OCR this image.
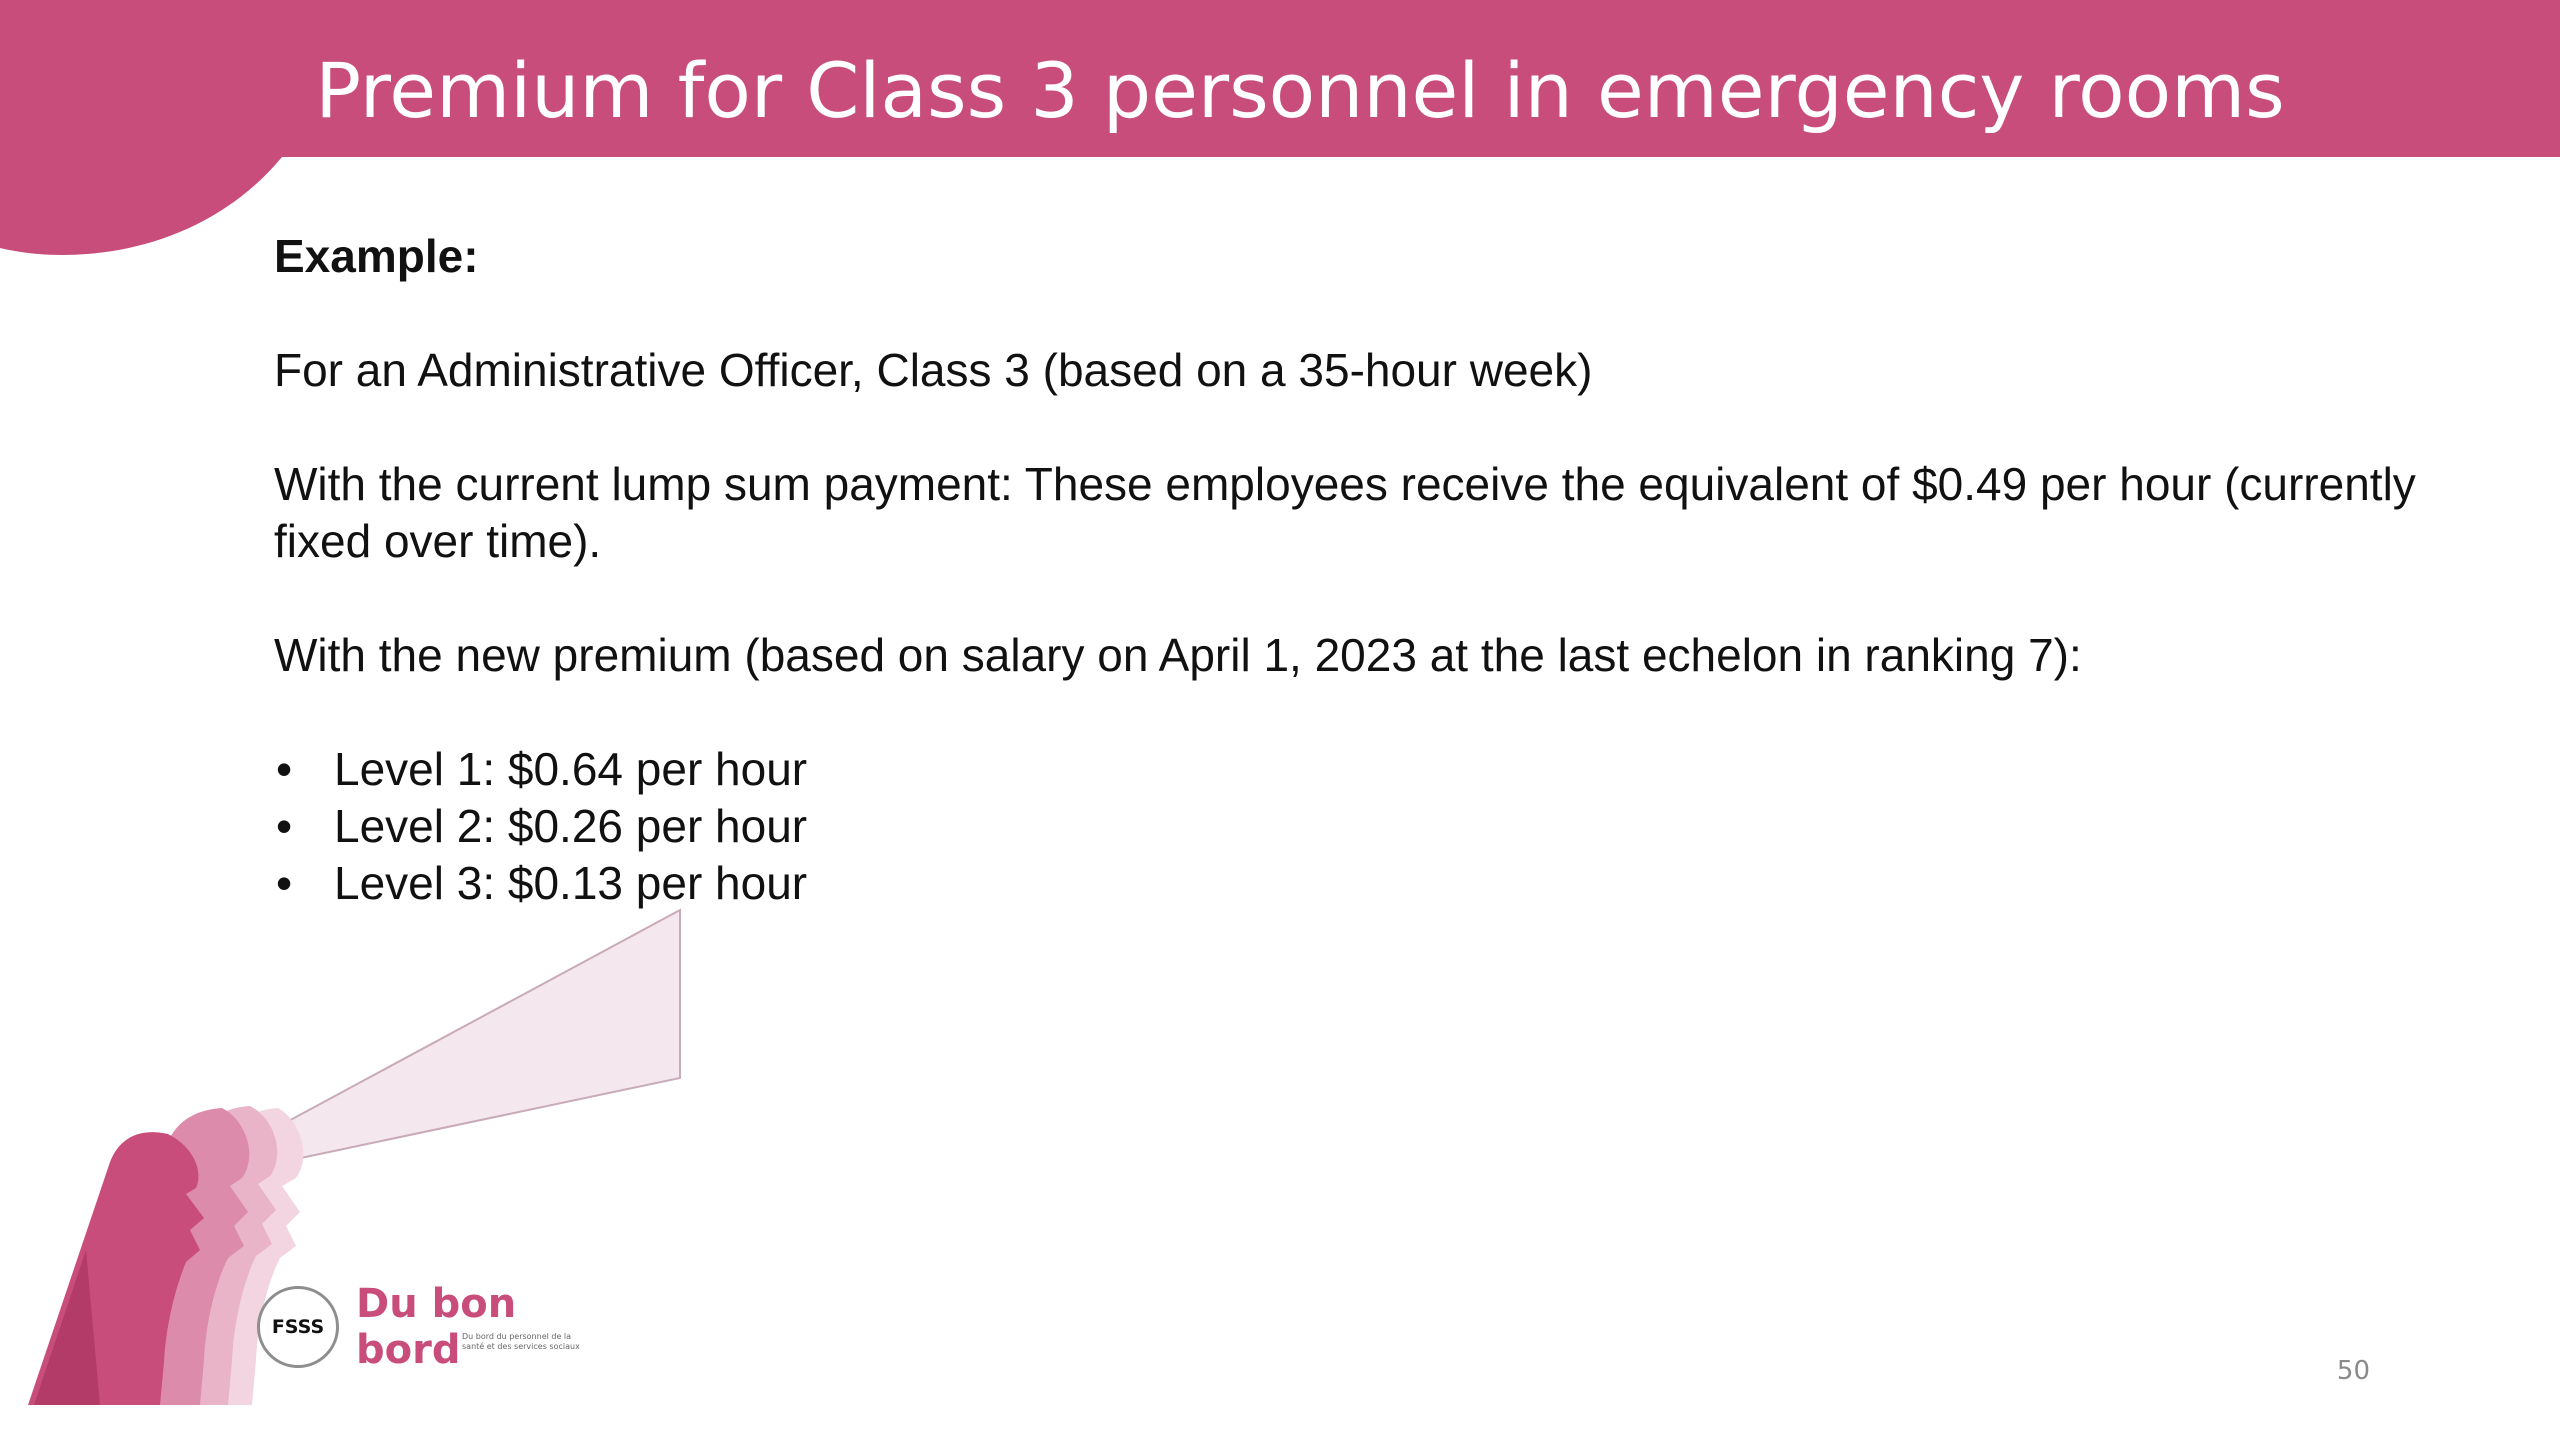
Premium for Class 3 personnel in emergency rooms

Example:

For an Administrative Officer, Class 3 (based on a 35-hour week)

With the current lump sum payment: These employees receive the equivalent of $0.49 per hour (currently fixed over time).

With the new premium (based on salary on April 1, 2023 at the last echelon in ranking 7):

• Level 1: $0.64 per hour
• Level 2: $0.26 per hour
• Level 3: $0.13 per hour
FSSS Du bon
bord Du bord du personnel de la santé et des services sociaux
50
